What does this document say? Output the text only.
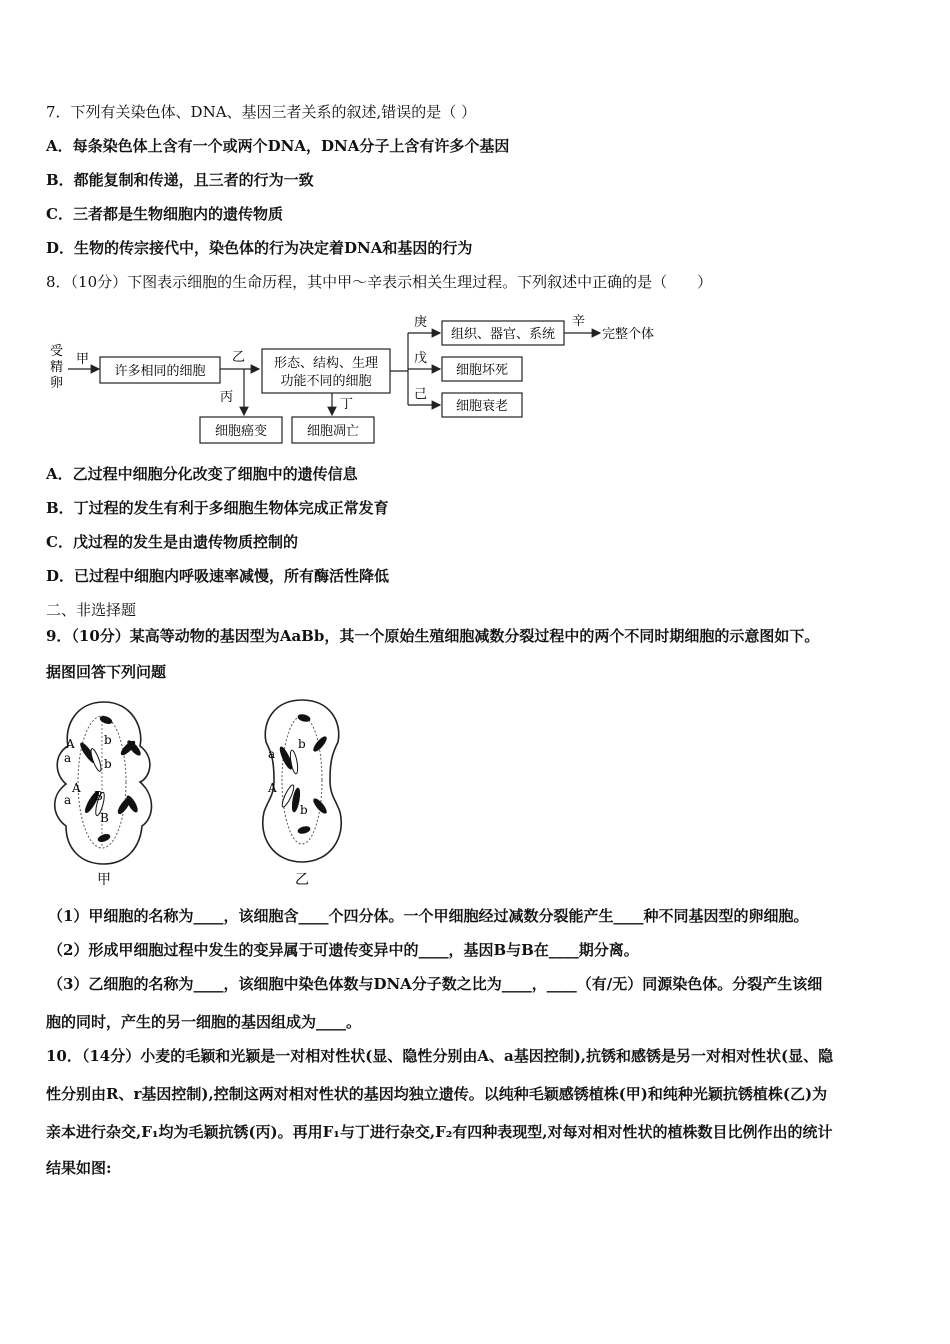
7．下列有关染色体、DNA、基因三者关系的叙述,错误的是（ ）
A．每条染色体上含有一个或两个DNA，DNA分子上含有许多个基因
B．都能复制和传递，且三者的行为一致
C．三者都是生物细胞内的遗传物质
D．生物的传宗接代中，染色体的行为决定着DNA和基因的行为
8．（10分）下图表示细胞的生命历程，其中甲～辛表示相关生理过程。下列叙述中正确的是（　　）
受
精
卵
甲
许多相同的细胞
乙
丙
细胞癌变
形态、结构、生理
功能不同的细胞
丁
细胞凋亡
庚
戊
己
组织、器官、系统
细胞坏死
细胞衰老
辛
完整个体
A．乙过程中细胞分化改变了细胞中的遗传信息
B．丁过程的发生有利于多细胞生物体完成正常发育
C．戊过程的发生是由遗传物质控制的
D．已过程中细胞内呼吸速率减慢，所有酶活性降低
二、非选择题
9．（10分）某高等动物的基因型为AaBb，其一个原始生殖细胞减数分裂过程中的两个不同时期细胞的示意图如下。
据图回答下列问题
A
a
b
b
A
a B
B
甲
a
b
A
b
乙
（1）甲细胞的名称为____，该细胞含____个四分体。一个甲细胞经过减数分裂能产生____种不同基因型的卵细胞。
（2）形成甲细胞过程中发生的变异属于可遗传变异中的____，基因B与B在____期分离。
（3）乙细胞的名称为____，该细胞中染色体数与DNA分子数之比为____，____（有/无）同源染色体。分裂产生该细
胞的同时，产生的另一细胞的基因组成为____。
10．（14分）小麦的毛颖和光颖是一对相对性状(显、隐性分别由A、a基因控制),抗锈和感锈是另一对相对性状(显、隐
性分别由R、r基因控制),控制这两对相对性状的基因均独立遗传。以纯种毛颖感锈植株(甲)和纯种光颖抗锈植株(乙)为
亲本进行杂交,F₁均为毛颖抗锈(丙)。再用F₁与丁进行杂交,F₂有四种表现型,对每对相对性状的植株数目比例作出的统计
结果如图:
